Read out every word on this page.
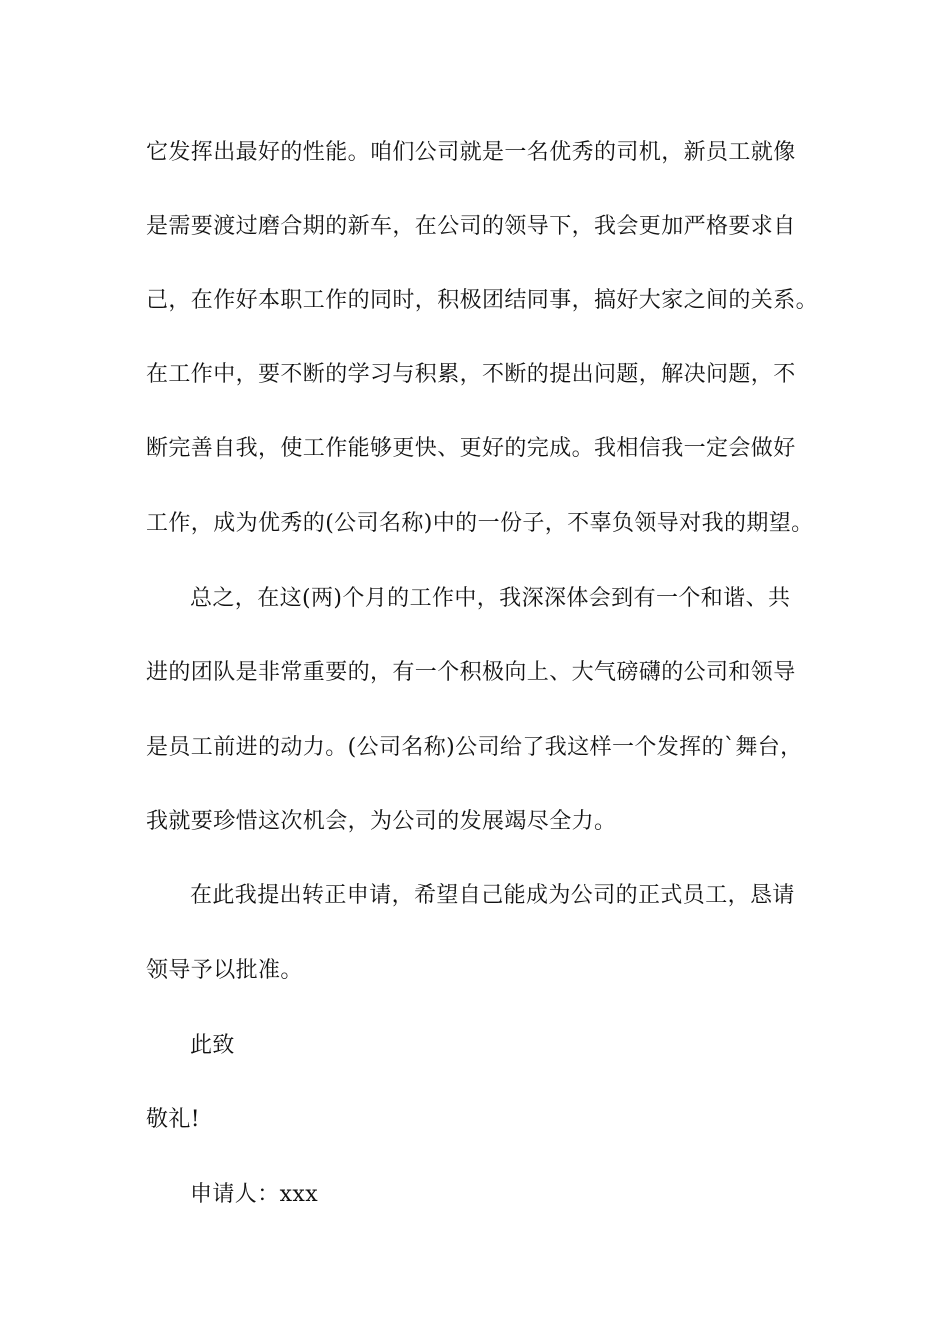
它发挥出最好的性能。咱们公司就是一名优秀的司机，新员工就像
是需要渡过磨合期的新车，在公司的领导下，我会更加严格要求自
己，在作好本职工作的同时，积极团结同事，搞好大家之间的关系。
在工作中，要不断的学习与积累，不断的提出问题，解决问题，不
断完善自我，使工作能够更快、更好的完成。我相信我一定会做好
工作，成为优秀的(公司名称)中的一份子，不辜负领导对我的期望。
总之，在这(两)个月的工作中，我深深体会到有一个和谐、共
进的团队是非常重要的，有一个积极向上、大气磅礴的公司和领导
是员工前进的动力。(公司名称)公司给了我这样一个发挥的`舞台，
我就要珍惜这次机会，为公司的发展竭尽全力。
在此我提出转正申请，希望自己能成为公司的正式员工，恳请
领导予以批准。
此致
敬礼!
申请人：xxx
